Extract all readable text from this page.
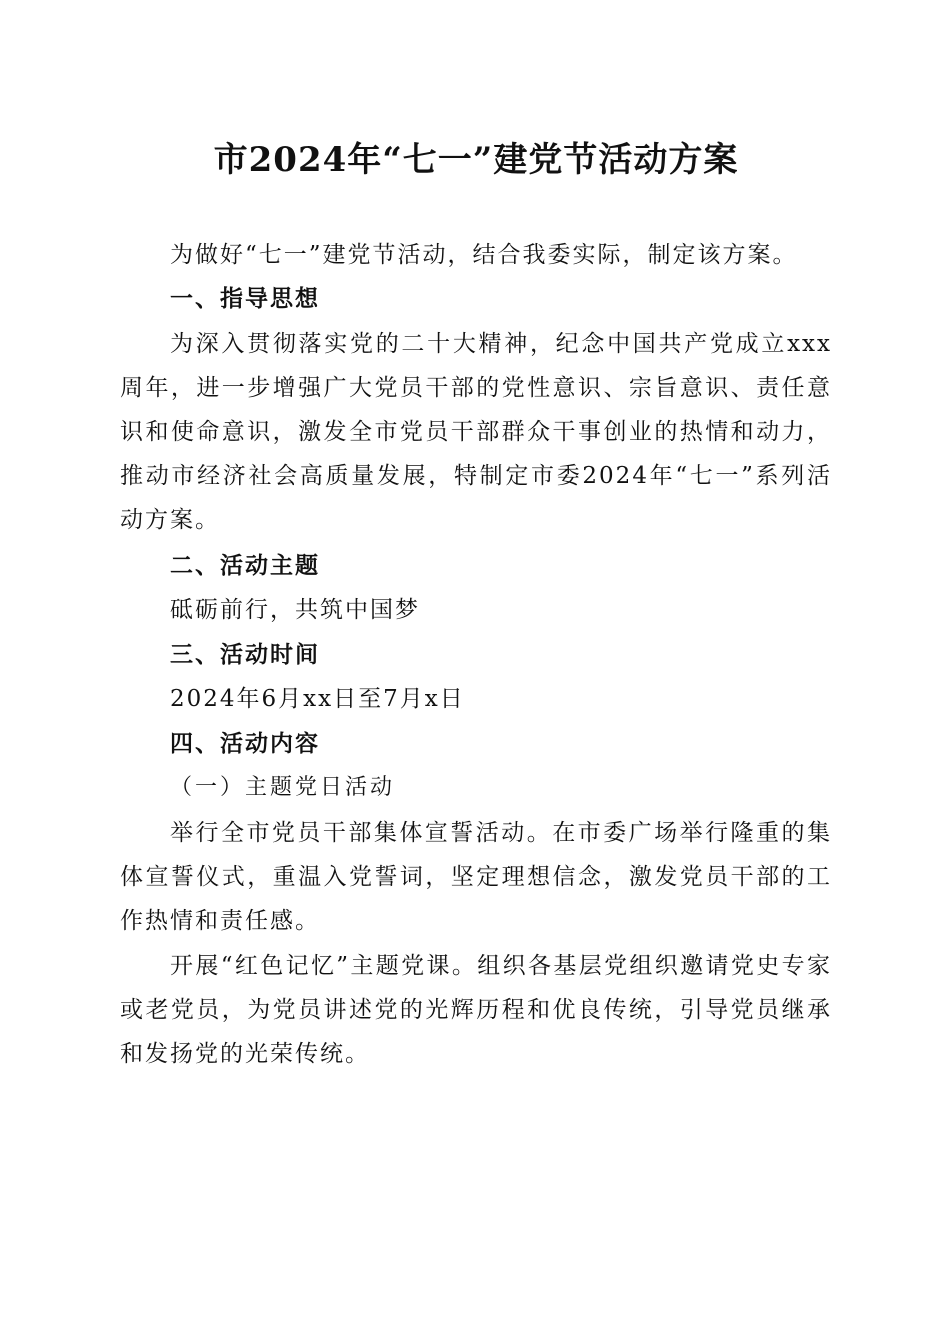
市2024年“七一”建党节活动方案

为做好“七一”建党节活动，结合我委实际，制定该方案。

一、指导思想

为深入贯彻落实党的二十大精神，纪念中国共产党成立xxx周年，进一步增强广大党员干部的党性意识、宗旨意识、责任意识和使命意识，激发全市党员干部群众干事创业的热情和动力，推动市经济社会高质量发展，特制定市委2024年“七一”系列活动方案。

二、活动主题

砥砺前行，共筑中国梦

三、活动时间

2024年6月xx日至7月x日

四、活动内容

（一）主题党日活动

举行全市党员干部集体宣誓活动。在市委广场举行隆重的集体宣誓仪式，重温入党誓词，坚定理想信念，激发党员干部的工作热情和责任感。

开展“红色记忆”主题党课。组织各基层党组织邀请党史专家或老党员，为党员讲述党的光辉历程和优良传统，引导党员继承和发扬党的光荣传统。
